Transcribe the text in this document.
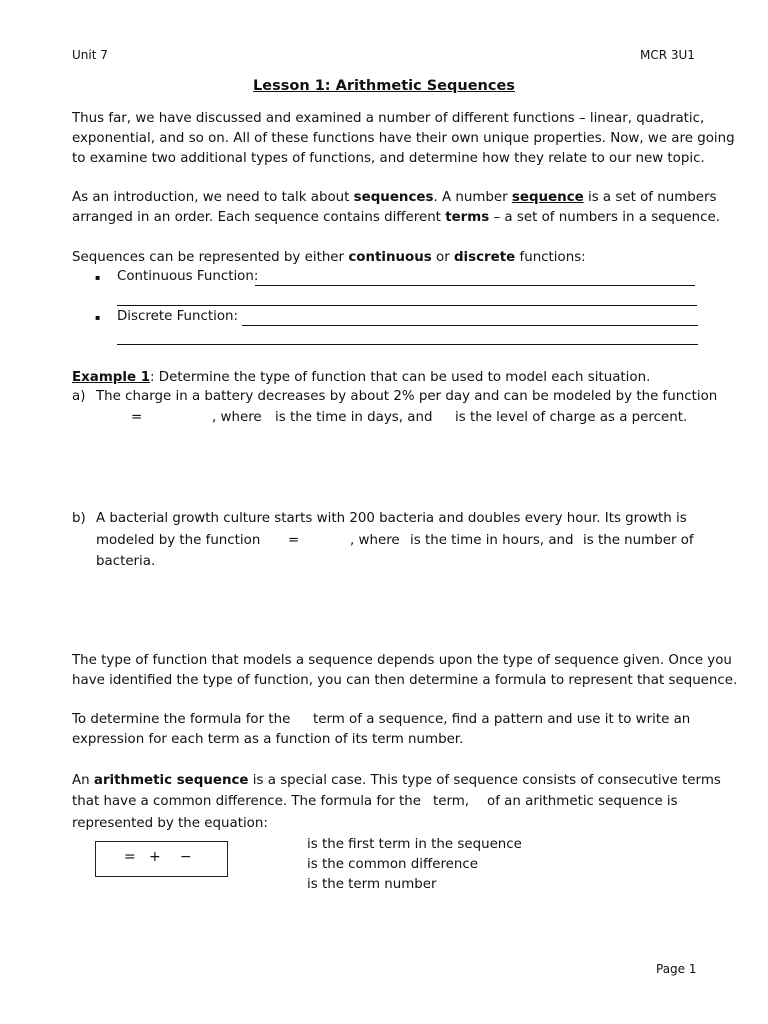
Unit 7	MCR 3U1
Lesson 1: Arithmetic Sequences
Thus far, we have discussed and examined a number of different functions – linear, quadratic,
exponential, and so on. All of these functions have their own unique properties. Now, we are going
to examine two additional types of functions, and determine how they relate to our new topic.
As an introduction, we need to talk about sequences. A number sequence is a set of numbers
arranged in an order. Each sequence contains different terms – a set of numbers in a sequence.
Sequences can be represented by either continuous or discrete functions:
▪ Continuous Function:
▪ Discrete Function:
Example 1: Determine the type of function that can be used to model each situation.
a) The charge in a battery decreases by about 2% per day and can be modeled by the function
=	, where is the time in days, and is the level of charge as a percent.
b) A bacterial growth culture starts with 200 bacteria and doubles every hour. Its growth is
modeled by the function =	, where is the time in hours, and is the number of
bacteria.
The type of function that models a sequence depends upon the type of sequence given. Once you
have identified the type of function, you can then determine a formula to represent that sequence.
To determine the formula for the term of a sequence, find a pattern and use it to write an
expression for each term as a function of its term number.
An arithmetic sequence is a special case. This type of sequence consists of consecutive terms
that have a common difference. The formula for the term, of an arithmetic sequence is
represented by the equation:
= + −
is the first term in the sequence
is the common difference
is the term number
Page 1
